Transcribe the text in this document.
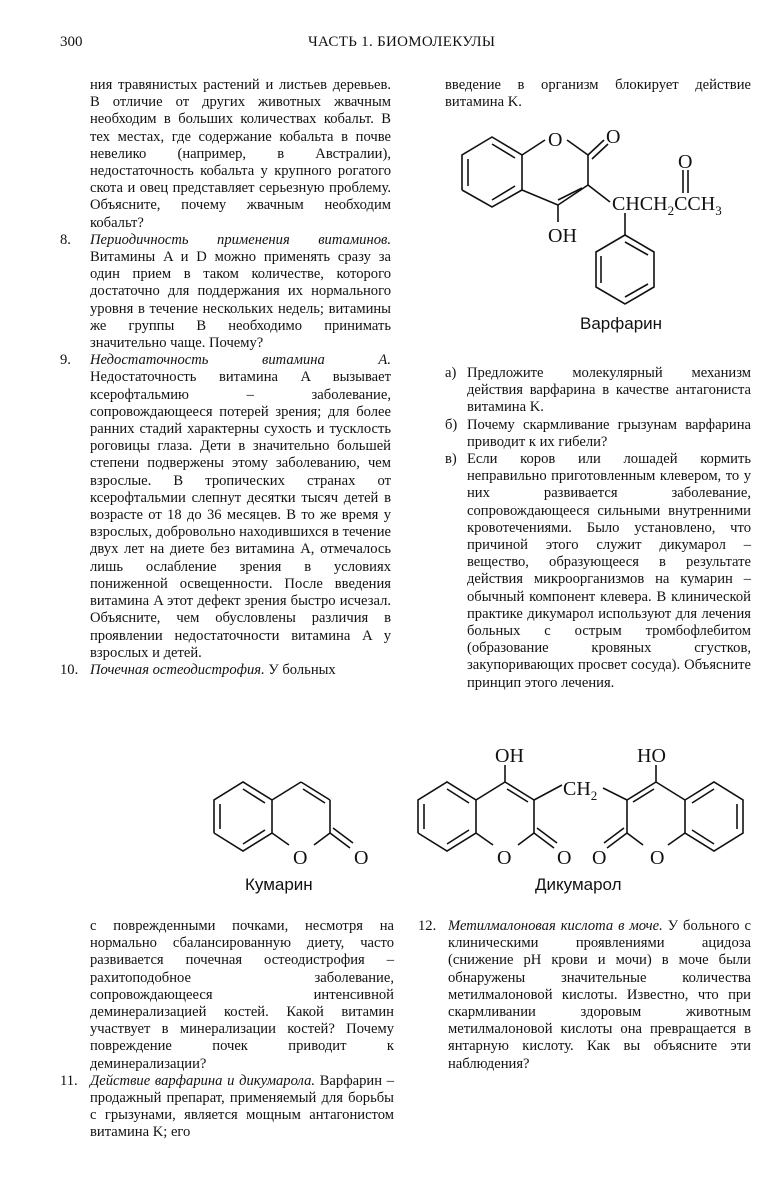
300	ЧАСТЬ 1. БИОМОЛЕКУЛЫ

ния травянистых растений и листьев деревьев. В отличие от других животных жвачным необходим в больших количествах кобальт. В тех местах, где содержание кобальта в почве невелико (например, в Австралии), недостаточность кобальта у крупного рогатого скота и овец представляет серьезную проблему. Объясните, почему жвачным необходим кобальт?

8.	Периодичность применения витаминов. Витамины A и D можно применять сразу за один прием в таком количестве, которого достаточно для поддержания их нормального уровня в течение нескольких недель; витамины же группы B необходимо принимать значительно чаще. Почему?
9.	Недостаточность витамина A. Недостаточность витамина A вызывает ксерофтальмию – заболевание, сопровождающееся потерей зрения; для более ранних стадий характерны сухость и тусклость роговицы глаза. Дети в значительно большей степени подвержены этому заболеванию, чем взрослые. В тропических странах от ксерофтальмии слепнут десятки тысяч детей в возрасте от 18 до 36 месяцев. В то же время у взрослых, добровольно находившихся в течение двух лет на диете без витамина A, отмечалось лишь ослабление зрения в условиях пониженной освещенности. После введения витамина A этот дефект зрения быстро исчезал. Объясните, чем обусловлены различия в проявлении недостаточности витамина A у взрослых и детей.
10. Почечная остеодистрофия. У больных
введение в организм блокирует действие витамина K.
O O
OH
O
$CHCH_2CCH_3$
Варфарин
а) Предложите молекулярный механизм действия варфарина в качестве антагониста витамина K.
б) Почему скармливание грызунам варфарина приводит к их гибели?
в) Если коров или лошадей кормить неправильно приготовленным клевером, то у них развивается заболевание, сопровождающееся сильными внутренними кровотечениями. Было установлено, что причиной этого служит дикумарол – вещество, образующееся в результате действия микроорганизмов на кумарин – обычный компонент клевера. В клинической практике дикумарол используют для лечения больных с острым тромбофлебитом (образование кровяных сгустков, закупоривающих просвет сосуда). Объясните принцип этого лечения.
O O
Кумарин
OH	HO
$CH_2$
O O O O
Дикумарол

с поврежденными почками, несмотря на нормально сбалансированную диету, часто развивается почечная остеодистрофия – рахитоподобное заболевание, сопровождающееся интенсивной деминерализацией костей. Какой витамин участвует в минерализации костей? Почему повреждение почек приводит к деминерализации?

11. Действие варфарина и дикумарола. Варфарин – продажный препарат, применяемый для борьбы с грызунами, является мощным антагонистом витамина K; его
12. Метилмалоновая кислота в моче. У больного с клиническими проявлениями ацидоза (снижение pH крови и мочи) в моче были обнаружены значительные количества метилмалоновой кислоты. Известно, что при скармливании здоровым животным метилмалоновой кислоты она превращается в янтарную кислоту. Как вы объясните эти наблюдения?
